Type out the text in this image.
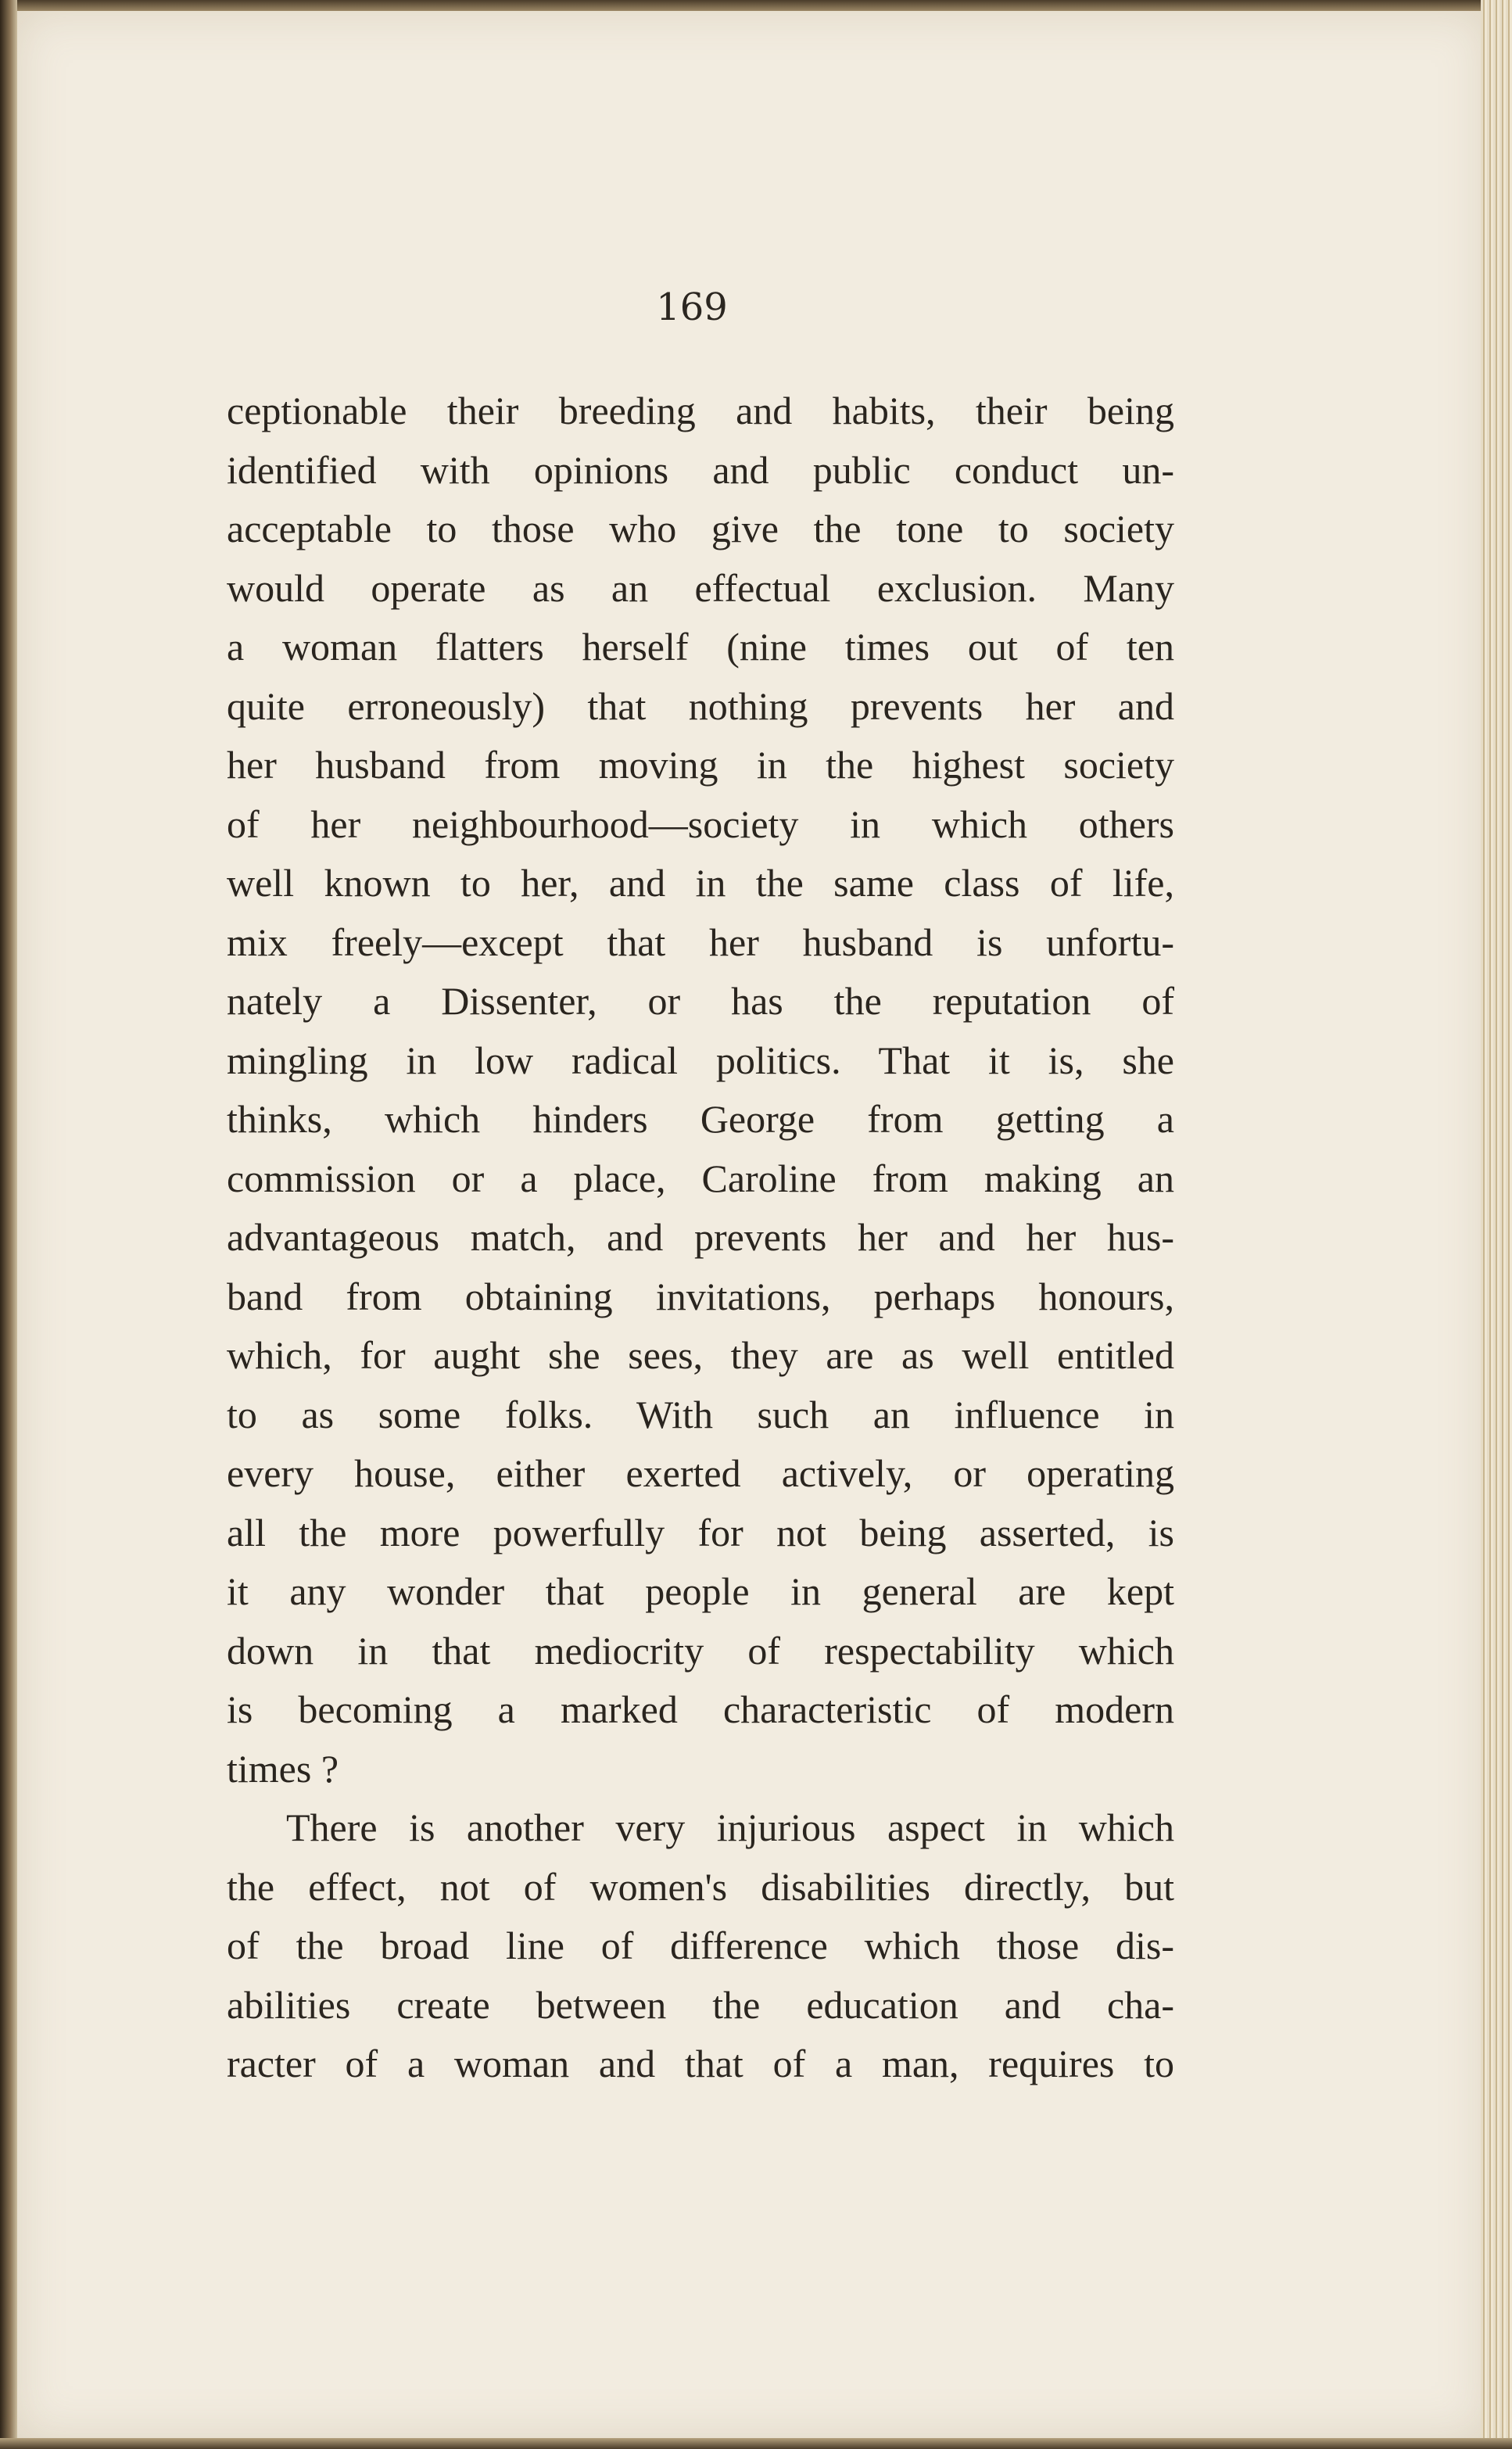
169
ceptionable their breeding and habits, their being
identified with opinions and public conduct un-
acceptable to those who give the tone to society
would operate as an effectual exclusion. Many
a woman flatters herself (nine times out of ten
quite erroneously) that nothing prevents her and
her husband from moving in the highest society
of her neighbourhood—society in which others
well known to her, and in the same class of life,
mix freely—except that her husband is unfortu-
nately a Dissenter, or has the reputation of
mingling in low radical politics. That it is, she
thinks, which hinders George from getting a
commission or a place, Caroline from making an
advantageous match, and prevents her and her hus-
band from obtaining invitations, perhaps honours,
which, for aught she sees, they are as well entitled
to as some folks. With such an influence in
every house, either exerted actively, or operating
all the more powerfully for not being asserted, is
it any wonder that people in general are kept
down in that mediocrity of respectability which
is becoming a marked characteristic of modern
times ?
There is another very injurious aspect in which
the effect, not of women's disabilities directly, but
of the broad line of difference which those dis-
abilities create between the education and cha-
racter of a woman and that of a man, requires to
